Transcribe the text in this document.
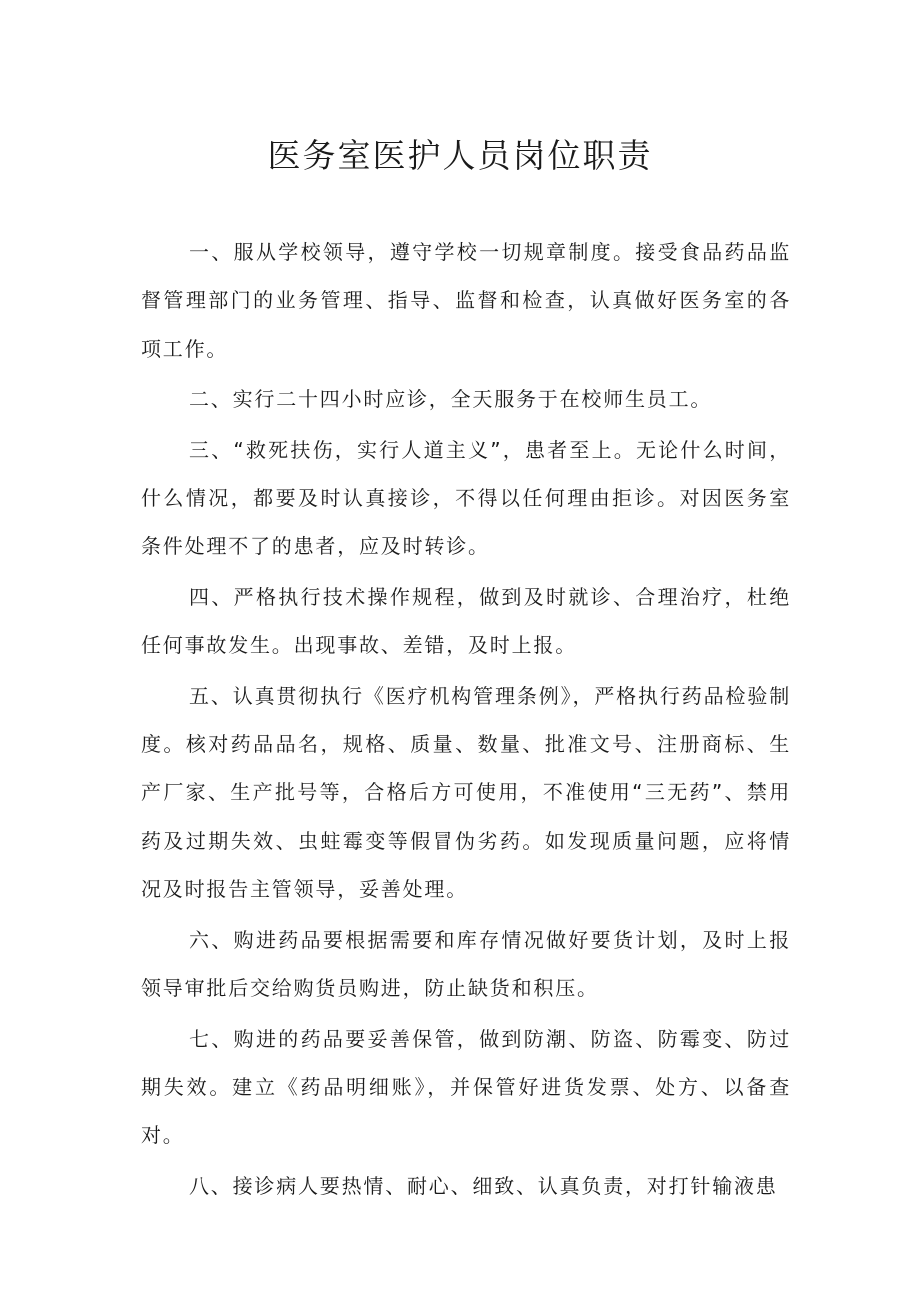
医务室医护人员岗位职责

一、服从学校领导，遵守学校一切规章制度。接受食品药品监督管理部门的业务管理、指导、监督和检查，认真做好医务室的各项工作。

二、实行二十四小时应诊，全天服务于在校师生员工。

三、“救死扶伤，实行人道主义”，患者至上。无论什么时间，什么情况，都要及时认真接诊，不得以任何理由拒诊。对因医务室条件处理不了的患者，应及时转诊。

四、严格执行技术操作规程，做到及时就诊、合理治疗，杜绝任何事故发生。出现事故、差错，及时上报。

五、认真贯彻执行《医疗机构管理条例》，严格执行药品检验制度。核对药品品名，规格、质量、数量、批准文号、注册商标、生产厂家、生产批号等，合格后方可使用，不准使用“三无药”、禁用药及过期失效、虫蛀霉变等假冒伪劣药。如发现质量问题，应将情况及时报告主管领导，妥善处理。

六、购进药品要根据需要和库存情况做好要货计划，及时上报领导审批后交给购货员购进，防止缺货和积压。

七、购进的药品要妥善保管，做到防潮、防盗、防霉变、防过期失效。建立《药品明细账》，并保管好进货发票、处方、以备查对。

八、接诊病人要热情、耐心、细致、认真负责，对打针输液患
